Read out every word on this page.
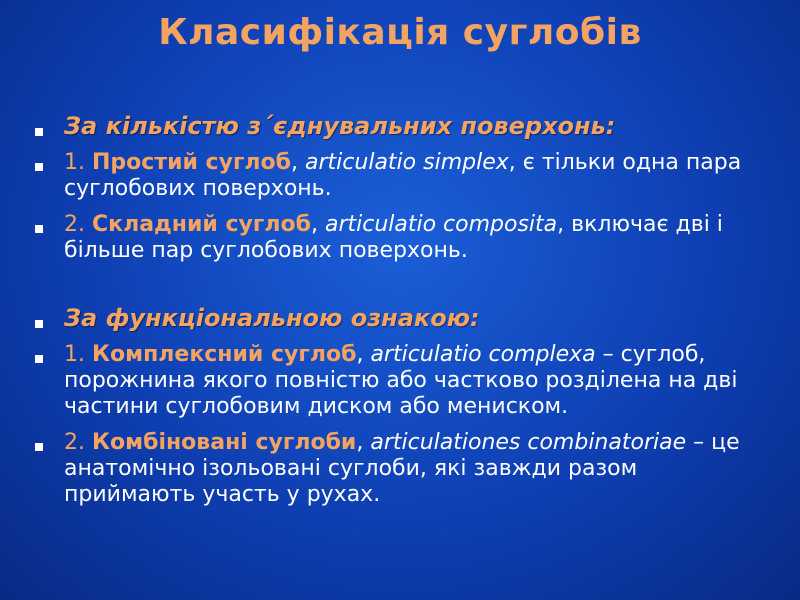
Класифікація суглобів
За кількістю з´єднувальних поверхонь:
1. Простий суглоб, articulatio simplex, є тільки одна пара суглобових поверхонь.
2. Складний суглоб, articulatio composita, включає дві і більше пар суглобових поверхонь.
За функціональною ознакою:
1. Комплексний суглоб, articulatio complexa – суглоб, порожнина якого повністю або частково розділена на дві частини суглобовим диском або мениском.
2. Комбіновані суглоби, articulationes combinatoriae – це анатомічно ізольовані суглоби, які завжди разом приймають участь у рухах.
